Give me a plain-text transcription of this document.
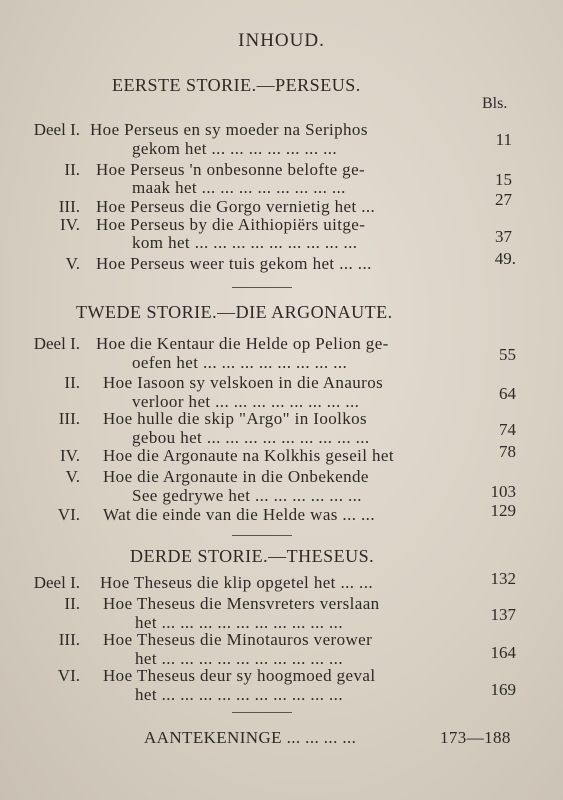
INHOUD.
EERSTE STORIE.—PERSEUS.
Bls.
Deel I. Hoe Perseus en sy moeder na Seriphos
gekom het ... ... ... ... ... ... ...	11
II. Hoe Perseus 'n onbesonne belofte ge-
maak het ... ... ... ... ... ... ... ...	15
III. Hoe Perseus die Gorgo vernietig het ...	27
IV. Hoe Perseus by die Aithiopiërs uitge-
kom het ... ... ... ... ... ... ... ... ...	37
V. Hoe Perseus weer tuis gekom het ... ...	49.
TWEDE STORIE.—DIE ARGONAUTE.
Deel I. Hoe die Kentaur die Helde op Pelion ge-
oefen het ... ... ... ... ... ... ... ...	55
II. Hoe Iasoon sy velskoen in die Anauros
verloor het ... ... ... ... ... ... ... ...	64
III. Hoe hulle die skip "Argo" in Ioolkos
gebou het ... ... ... ... ... ... ... ... ...	74
IV. Hoe die Argonaute na Kolkhis geseil het	78
V. Hoe die Argonaute in die Onbekende
See gedrywe het ... ... ... ... ... ...	103
VI. Wat die einde van die Helde was ... ...	129
DERDE STORIE.—THESEUS.
Deel I. Hoe Theseus die klip opgetel het ... ...	132
II. Hoe Theseus die Mensvreters verslaan
het ... ... ... ... ... ... ... ... ... ...	137
III. Hoe Theseus die Minotauros verower
het ... ... ... ... ... ... ... ... ... ...	164
VI. Hoe Theseus deur sy hoogmoed geval
het ... ... ... ... ... ... ... ... ... ...	169
AANTEKENINGE ... ... ... ...	173—188
